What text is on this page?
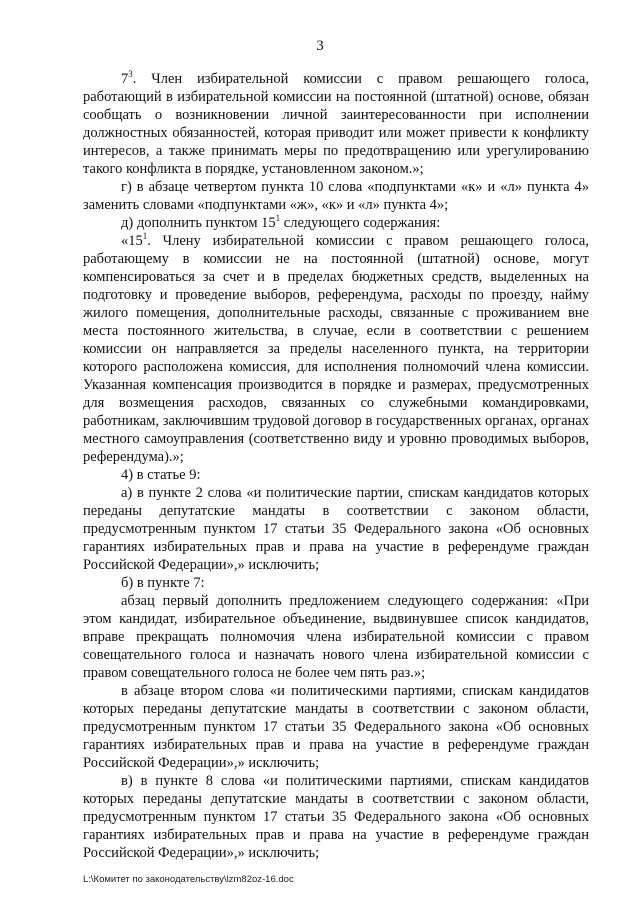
3

$7^3$. Член избирательной комиссии с правом решающего голоса, работающий в избирательной комиссии на постоянной (штатной) основе, обязан сообщать о возникновении личной заинтересованности при исполнении должностных обязанностей, которая приводит или может привести к конфликту интересов, а также принимать меры по предотвращению или урегулированию такого конфликта в порядке, установленном законом.»;

г) в абзаце четвертом пункта 10 слова «подпунктами «к» и «л» пункта 4» заменить словами «подпунктами «ж», «к» и «л» пункта 4»;

д) дополнить пунктом $15^1$ следующего содержания:

«$15^1$. Члену избирательной комиссии с правом решающего голоса, работающему в комиссии не на постоянной (штатной) основе, могут компенсироваться за счет и в пределах бюджетных средств, выделенных на подготовку и проведение выборов, референдума, расходы по проезду, найму жилого помещения, дополнительные расходы, связанные с проживанием вне места постоянного жительства, в случае, если в соответствии с решением комиссии он направляется за пределы населенного пункта, на территории которого расположена комиссия, для исполнения полномочий члена комиссии. Указанная компенсация производится в порядке и размерах, предусмотренных для возмещения расходов, связанных со служебными командировками, работникам, заключившим трудовой договор в государственных органах, органах местного самоуправления (соответственно виду и уровню проводимых выборов, референдума).»;

4) в статье 9:

а) в пункте 2 слова «и политические партии, спискам кандидатов которых переданы депутатские мандаты в соответствии с законом области, предусмотренным пунктом 17 статьи 35 Федерального закона «Об основных гарантиях избирательных прав и права на участие в референдуме граждан Российской Федерации»,» исключить;

б) в пункте 7:

абзац первый дополнить предложением следующего содержания: «При этом кандидат, избирательное объединение, выдвинувшее список кандидатов, вправе прекращать полномочия члена избирательной комиссии с правом совещательного голоса и назначать нового члена избирательной комиссии с правом совещательного голоса не более чем пять раз.»;

в абзаце втором слова «и политическими партиями, спискам кандидатов которых переданы депутатские мандаты в соответствии с законом области, предусмотренным пунктом 17 статьи 35 Федерального закона «Об основных гарантиях избирательных прав и права на участие в референдуме граждан Российской Федерации»,» исключить;

в) в пункте 8 слова «и политическими партиями, спискам кандидатов которых переданы депутатские мандаты в соответствии с законом области, предусмотренным пунктом 17 статьи 35 Федерального закона «Об основных гарантиях избирательных прав и права на участие в референдуме граждан Российской Федерации»,» исключить;

L:\Комитет по законодательству\lzm82oz-16.doc
